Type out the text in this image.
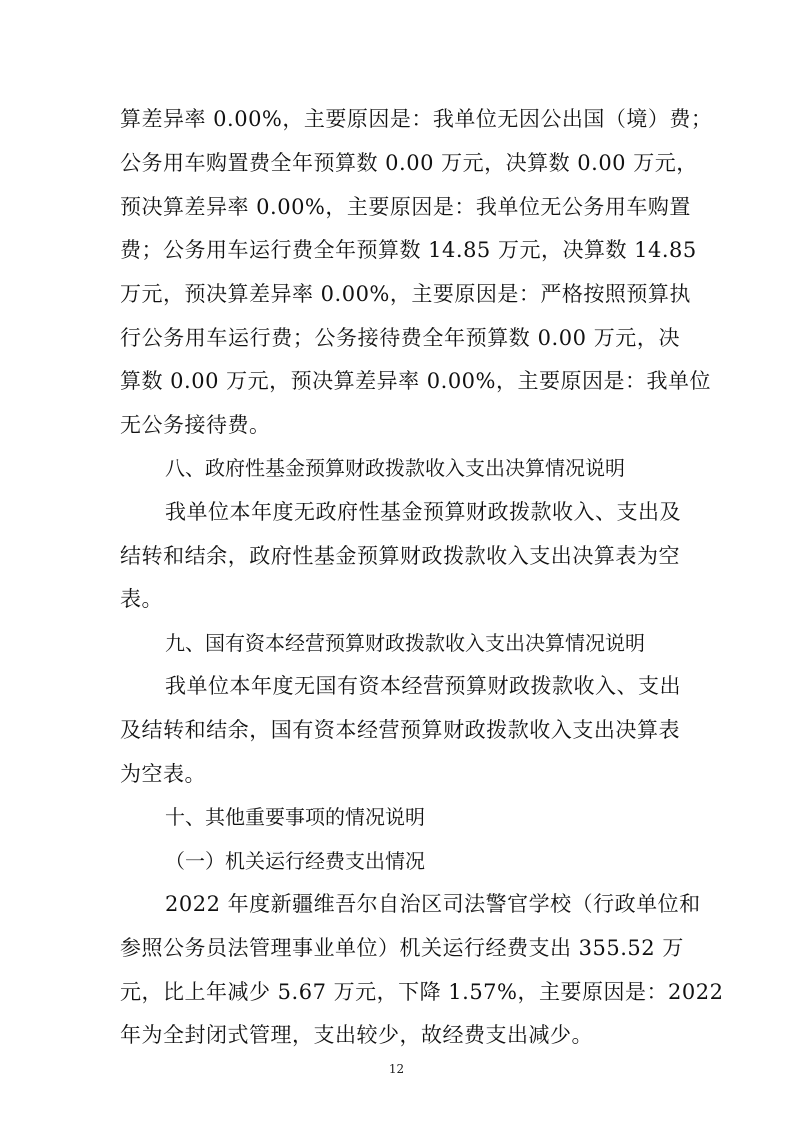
算差异率 0.00%，主要原因是：我单位无因公出国（境）费；
公务用车购置费全年预算数 0.00 万元，决算数 0.00 万元，
预决算差异率 0.00%，主要原因是：我单位无公务用车购置
费；公务用车运行费全年预算数 14.85 万元，决算数 14.85
万元，预决算差异率 0.00%，主要原因是：严格按照预算执
行公务用车运行费；公务接待费全年预算数 0.00 万元，决
算数 0.00 万元，预决算差异率 0.00%，主要原因是：我单位
无公务接待费。
八、政府性基金预算财政拨款收入支出决算情况说明
我单位本年度无政府性基金预算财政拨款收入、支出及
结转和结余，政府性基金预算财政拨款收入支出决算表为空
表。
九、国有资本经营预算财政拨款收入支出决算情况说明
我单位本年度无国有资本经营预算财政拨款收入、支出
及结转和结余，国有资本经营预算财政拨款收入支出决算表
为空表。
十、其他重要事项的情况说明
（一）机关运行经费支出情况
2022 年度新疆维吾尔自治区司法警官学校（行政单位和
参照公务员法管理事业单位）机关运行经费支出 355.52 万
元，比上年减少 5.67 万元，下降 1.57%，主要原因是：2022
年为全封闭式管理，支出较少，故经费支出减少。
12
